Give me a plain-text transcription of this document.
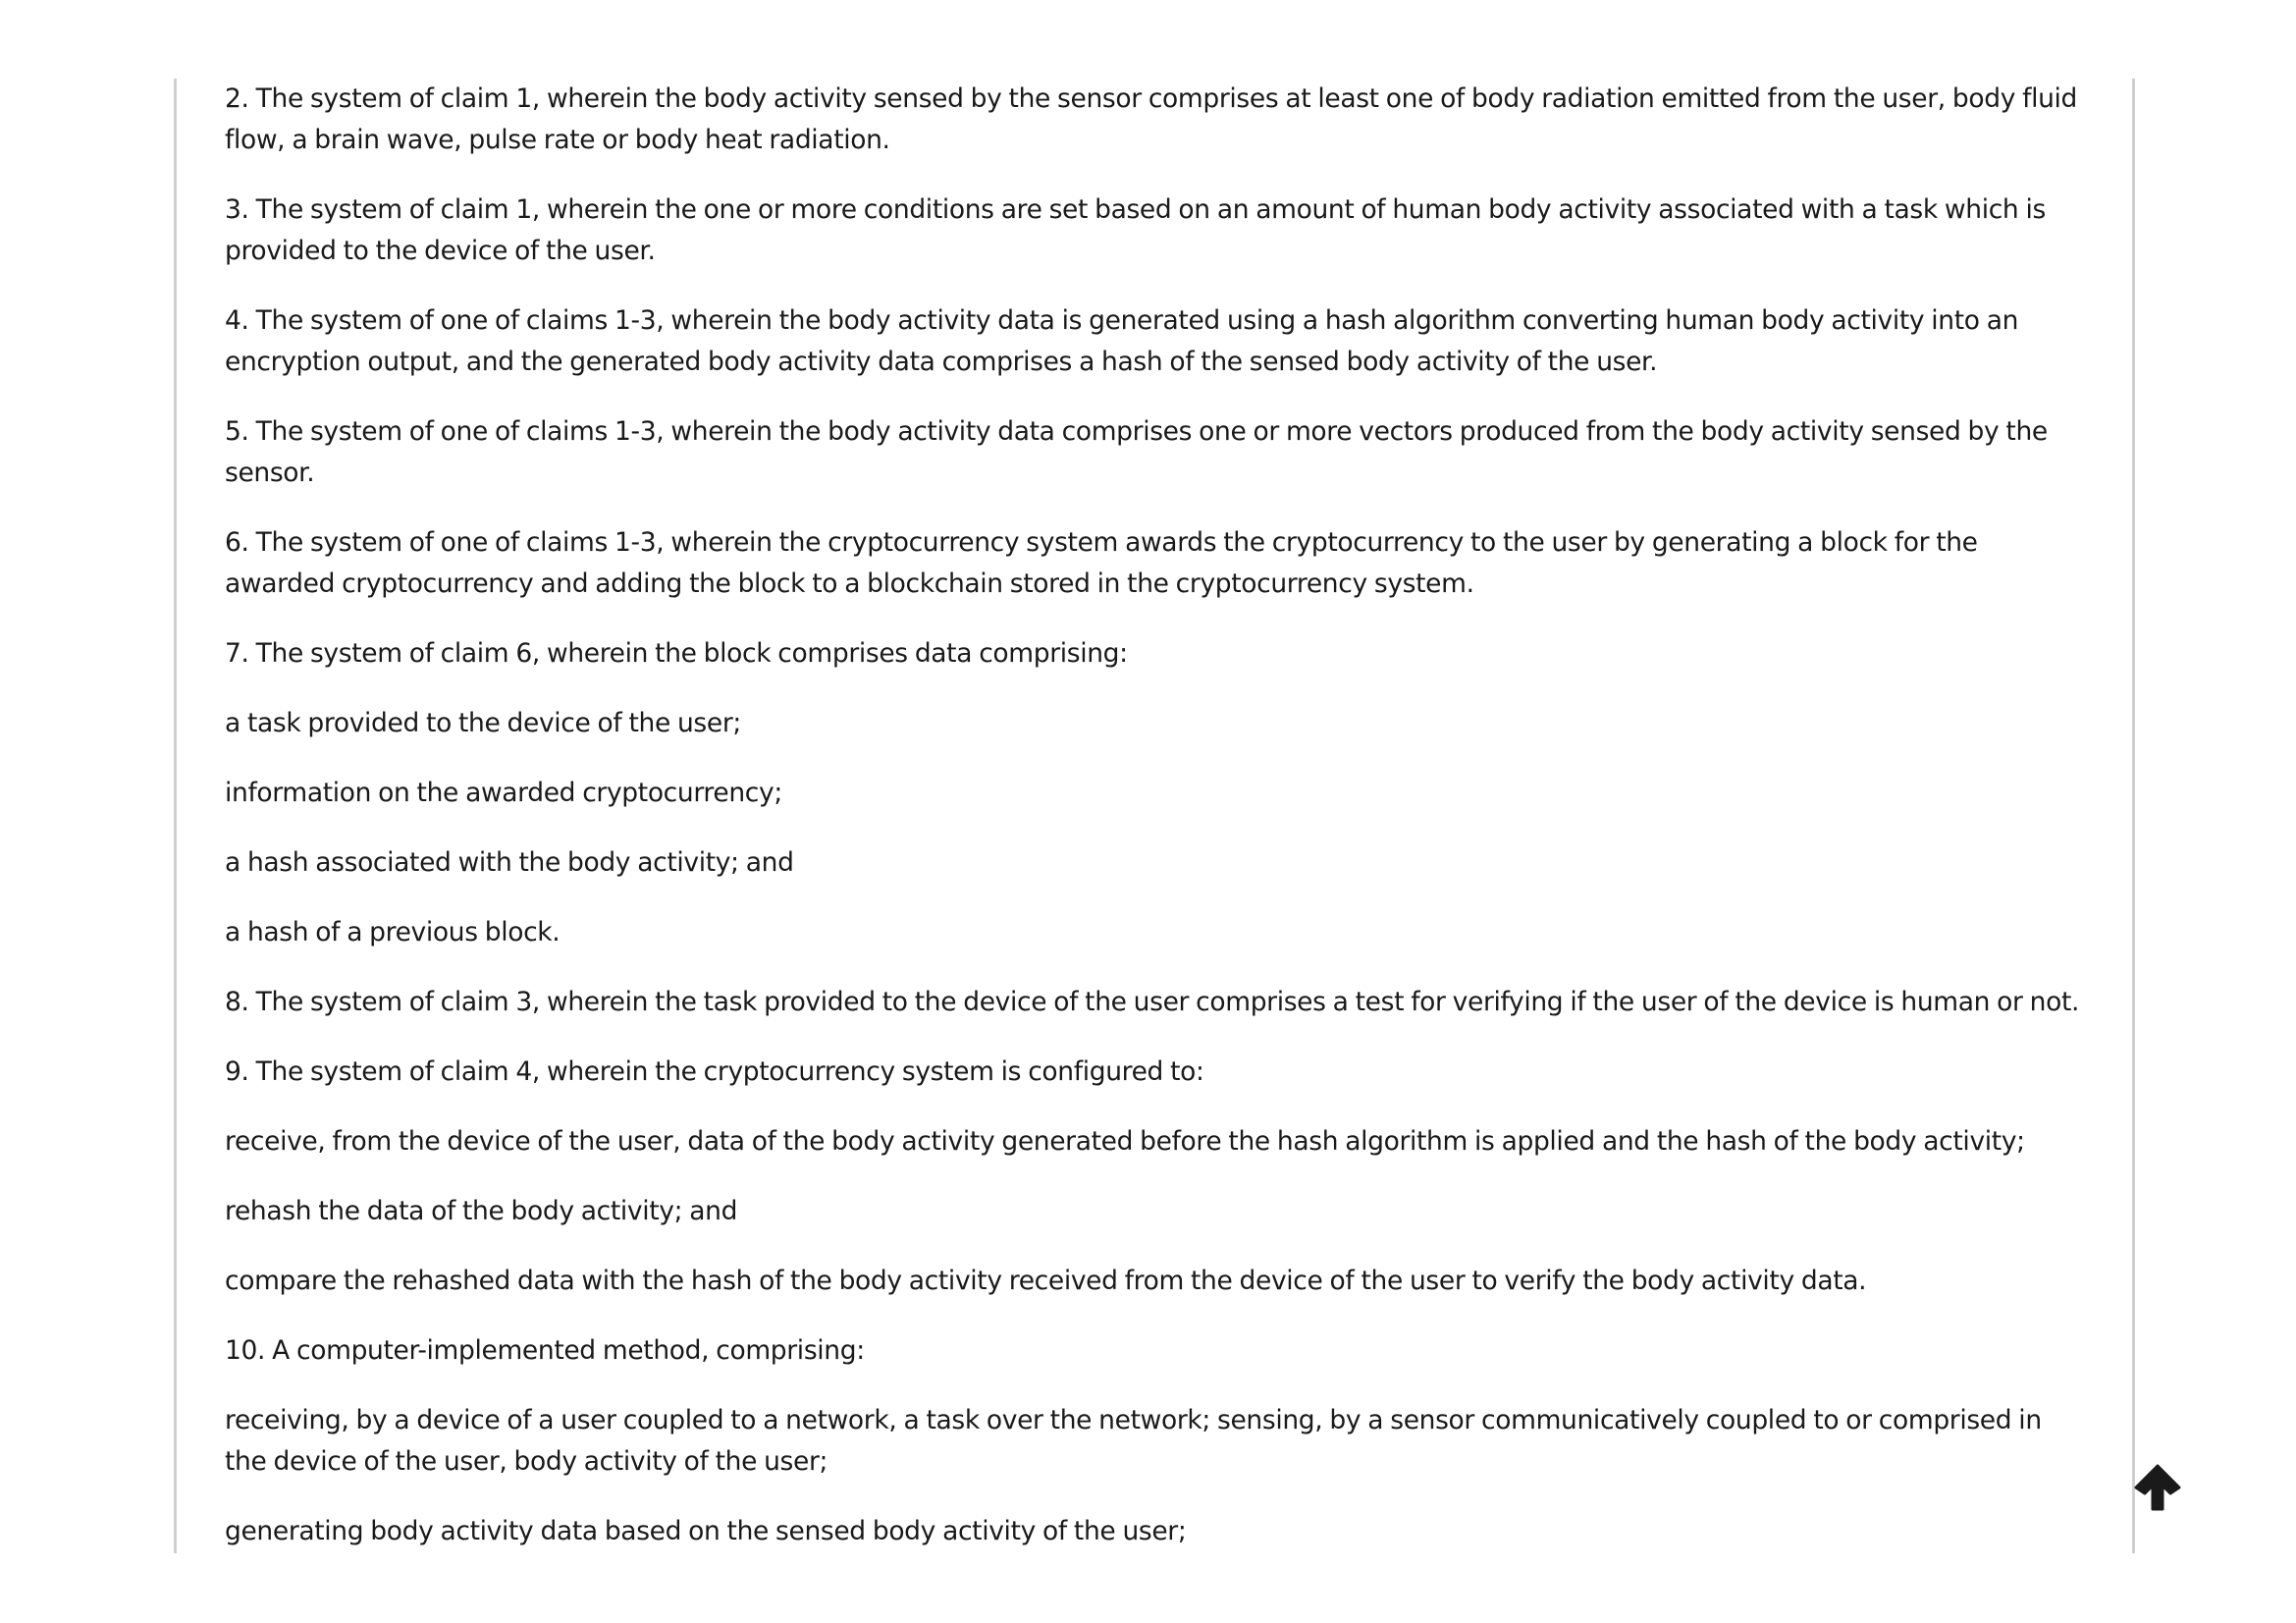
2. The system of claim 1, wherein the body activity sensed by the sensor comprises at least one of body radiation emitted from the user, body fluid flow, a brain wave, pulse rate or body heat radiation.

3. The system of claim 1, wherein the one or more conditions are set based on an amount of human body activity associated with a task which is provided to the device of the user.

4. The system of one of claims 1-3, wherein the body activity data is generated using a hash algorithm converting human body activity into an encryption output, and the generated body activity data comprises a hash of the sensed body activity of the user.

5. The system of one of claims 1-3, wherein the body activity data comprises one or more vectors produced from the body activity sensed by the sensor.

6. The system of one of claims 1-3, wherein the cryptocurrency system awards the cryptocurrency to the user by generating a block for the awarded cryptocurrency and adding the block to a blockchain stored in the cryptocurrency system.

7. The system of claim 6, wherein the block comprises data comprising:

a task provided to the device of the user;

information on the awarded cryptocurrency;

a hash associated with the body activity; and

a hash of a previous block.

8. The system of claim 3, wherein the task provided to the device of the user comprises a test for verifying if the user of the device is human or not.

9. The system of claim 4, wherein the cryptocurrency system is configured to:

receive, from the device of the user, data of the body activity generated before the hash algorithm is applied and the hash of the body activity;

rehash the data of the body activity; and

compare the rehashed data with the hash of the body activity received from the device of the user to verify the body activity data.

10. A computer-implemented method, comprising:

receiving, by a device of a user coupled to a network, a task over the network; sensing, by a sensor communicatively coupled to or comprised in the device of the user, body activity of the user;

generating body activity data based on the sensed body activity of the user;
